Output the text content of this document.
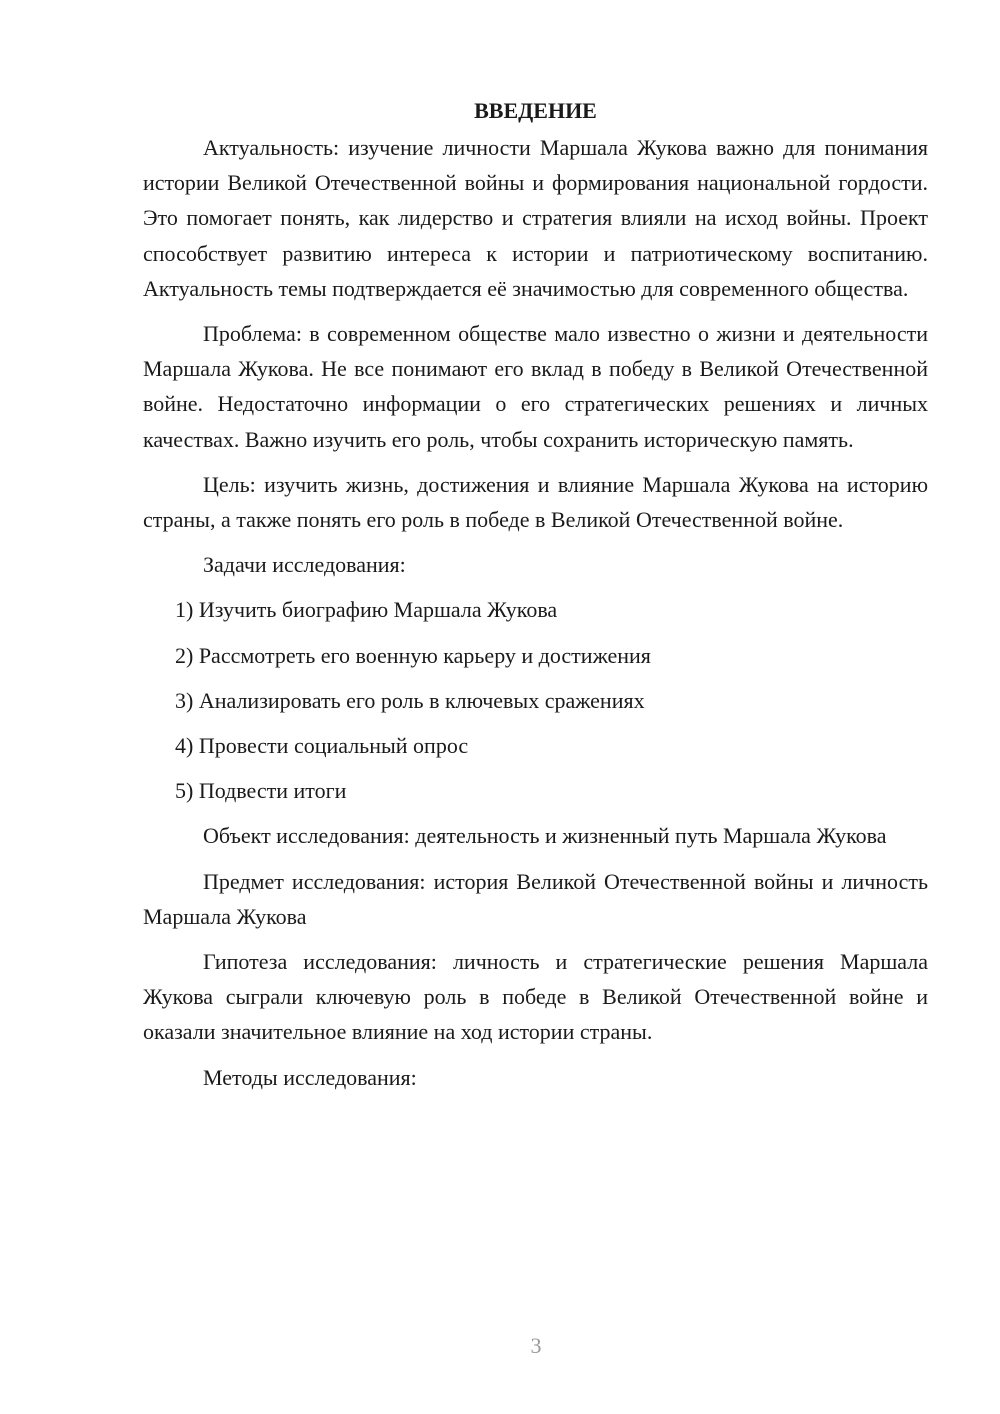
ВВЕДЕНИЕ

Актуальность: изучение личности Маршала Жукова важно для понимания истории Великой Отечественной войны и формирования национальной гордости. Это помогает понять, как лидерство и стратегия влияли на исход войны. Проект способствует развитию интереса к истории и патриотическому воспитанию. Актуальность темы подтверждается её значимостью для современного общества.

Проблема: в современном обществе мало известно о жизни и деятельности Маршала Жукова. Не все понимают его вклад в победу в Великой Отечественной войне. Недостаточно информации о его стратегических решениях и личных качествах. Важно изучить его роль, чтобы сохранить историческую память.

Цель: изучить жизнь, достижения и влияние Маршала Жукова на историю страны, а также понять его роль в победе в Великой Отечественной войне.

Задачи исследования:

1) Изучить биографию Маршала Жукова
2) Рассмотреть его военную карьеру и достижения
3) Анализировать его роль в ключевых сражениях
4) Провести социальный опрос
5) Подвести итоги

Объект исследования: деятельность и жизненный путь Маршала Жукова

Предмет исследования: история Великой Отечественной войны и личность Маршала Жукова

Гипотеза исследования: личность и стратегические решения Маршала Жукова сыграли ключевую роль в победе в Великой Отечественной войне и оказали значительное влияние на ход истории страны.

Методы исследования:

3
